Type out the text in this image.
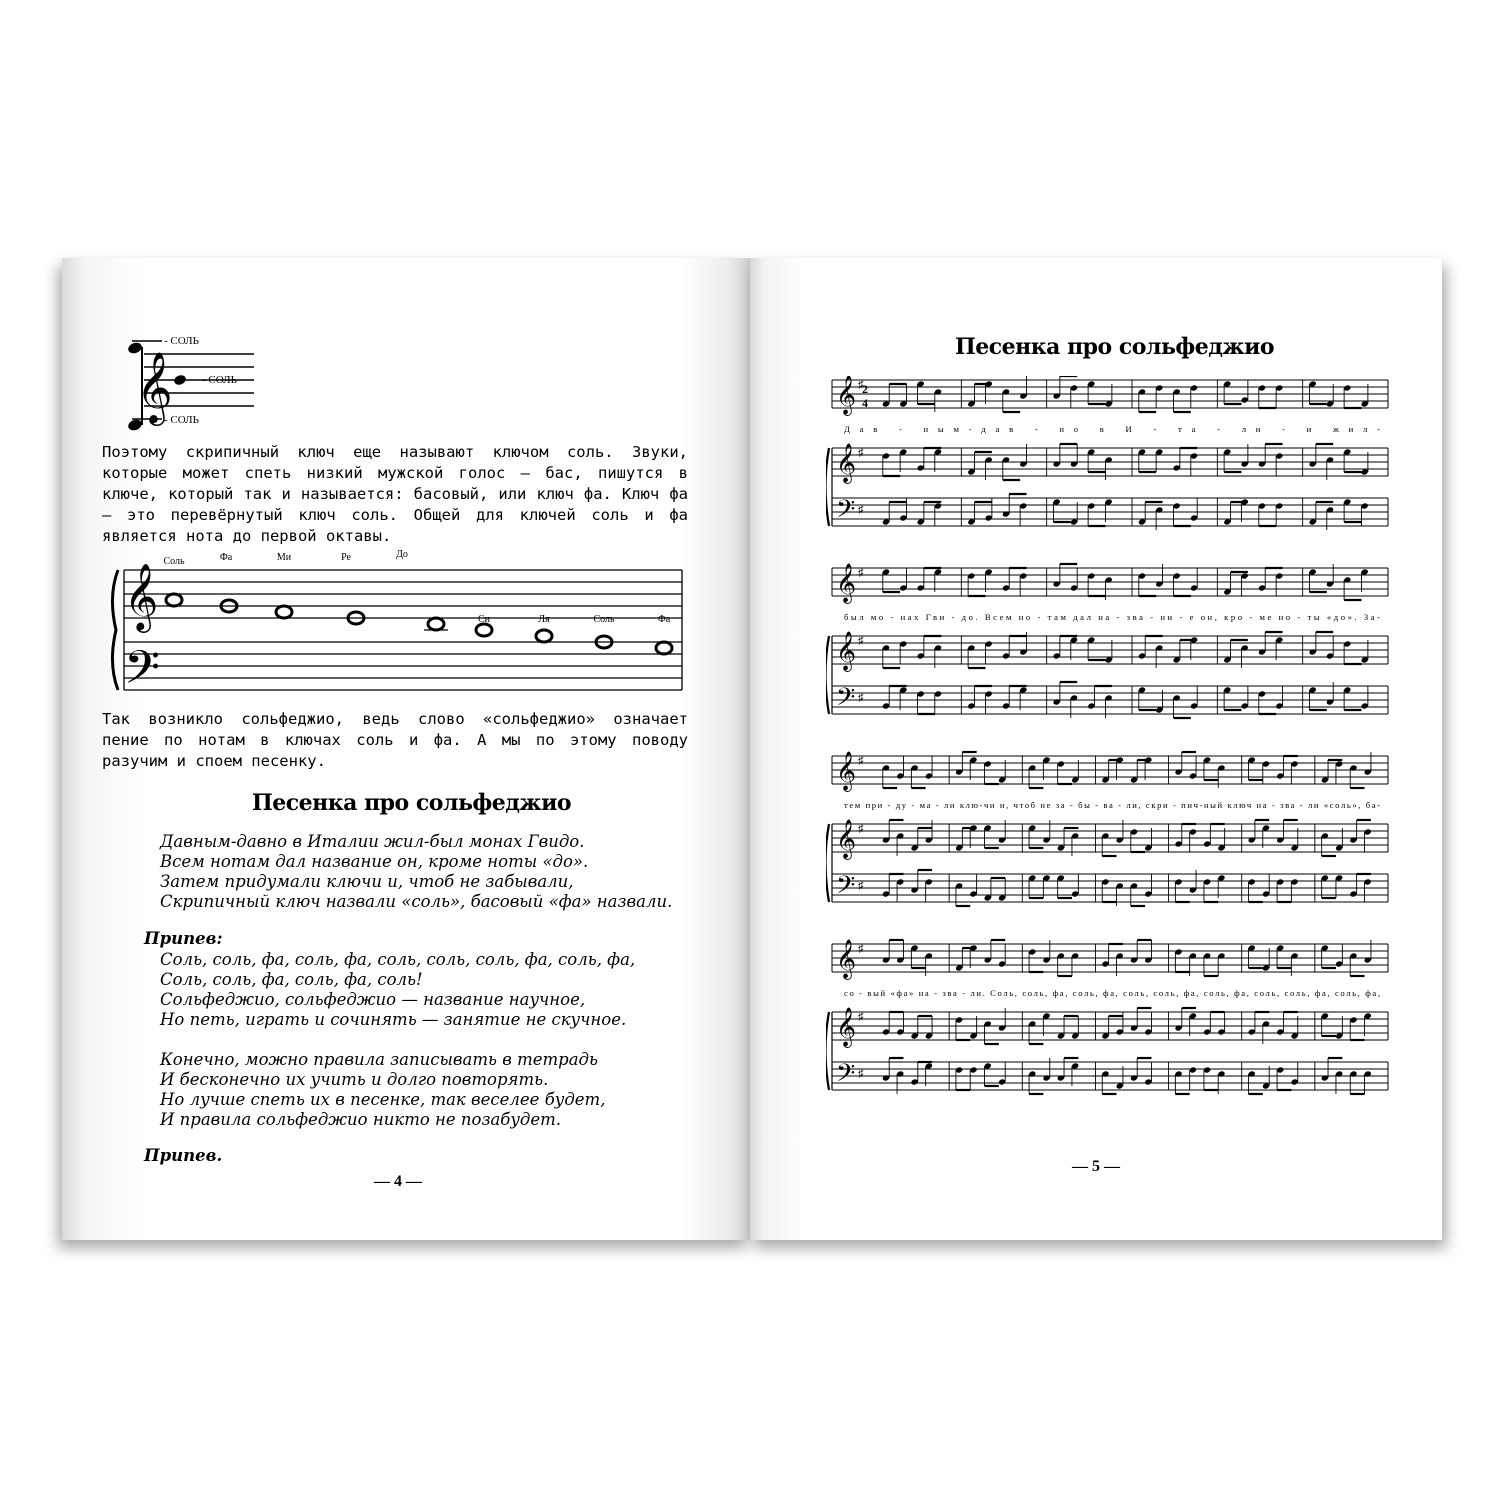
𝄞
- СОЛЬ
- СОЛЬ
- СОЛЬ
Поэтому скрипичный ключ еще называют ключом соль. Звуки, которые может спеть низкий мужской голос — бас, пишутся в ключе, который так и называется: басовый, или ключ фа. Ключ фа — это перевёрнутый ключ соль. Общей для ключей соль и фа является нота до первой октавы.
𝄞
𝄢
Соль	Фа	Ми	Ре	До
Си	Ля	Соль	Фа
Так возникло сольфеджио, ведь слово «сольфеджио» означает пение по нотам в ключах соль и фа. А мы по этому поводу разучим и споем песенку.
Песенка про сольфеджио

Давным-давно в Италии жил-был монах Гвидо.

Всем нотам дал название он, кроме ноты «до».

Затем придумали ключи и, чтоб не забывали,

Скрипичный ключ назвали «соль», басовый «фа» назвали.

Припев:

Соль, соль, фа, соль, фа, соль, соль, соль, фа, соль, фа,

Соль, соль, фа, соль, фа, соль!

Сольфеджио, сольфеджио — название научное,

Но петь, играть и сочинять — занятие не скучное.

Конечно, можно правила записывать в тетрадь

И бесконечно их учить и долго повторять.

Но лучше спеть их в песенке, так веселее будет,

И правила сольфеджио никто не позабудет.

Припев.
— 4 —
Песенка про сольфеджио
𝄞 ♯
𝄞 ♯
𝄢 ♯
2
4
Дав - ным-дав - но в И - та - ли - и жил-
𝄞 ♯
𝄞 ♯
𝄢 ♯
был мо - нах Гви - до. Всем но - там дал на - зва - ни - е он, кро - ме но - ты «до». За-
𝄞 ♯
𝄞 ♯
𝄢 ♯
тем при - ду - ма - ли клю-чи и, чтоб не за - бы - ва - ли, скри - пич-ный ключ на - зва - ли «соль», ба-
𝄞 ♯
𝄞 ♯
𝄢 ♯
со - вый «фа» на - зва - ли. Соль, соль, фа, соль, фа, соль, соль, фа, соль, фа, соль, соль, фа, соль, фа,
— 5 —
